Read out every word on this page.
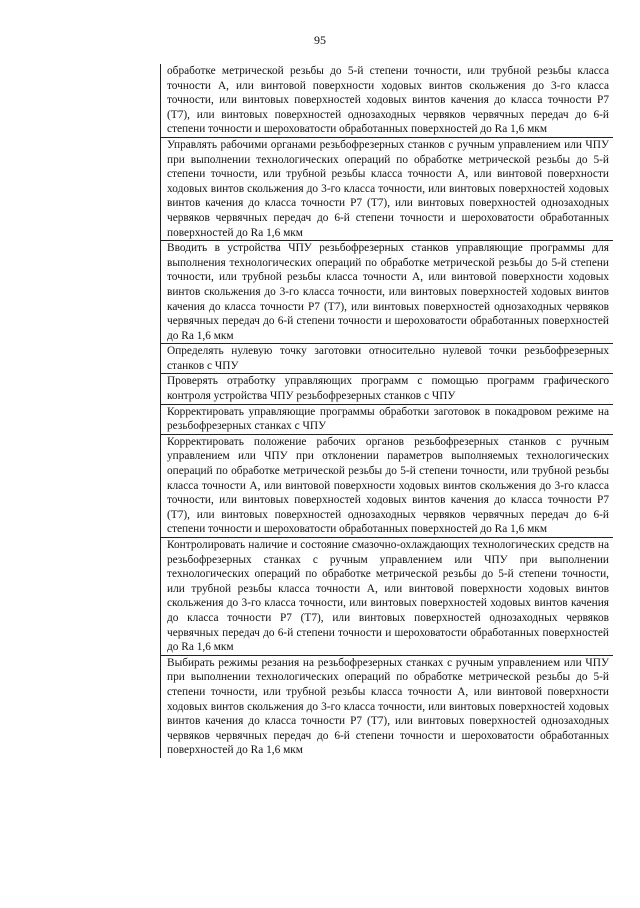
95
обработке метрической резьбы до 5-й степени точности, или трубной резьбы класса точности А, или винтовой поверхности ходовых винтов скольжения до 3-го класса точности, или винтовых поверхностей ходовых винтов качения до класса точности Р7 (Т7), или винтовых поверхностей однозаходных червяков червячных передач до 6-й степени точности и шероховатости обработанных поверхностей до Ra 1,6 мкм
Управлять рабочими органами резьбофрезерных станков с ручным управлением или ЧПУ при выполнении технологических операций по обработке метрической резьбы до 5-й степени точности, или трубной резьбы класса точности А, или винтовой поверхности ходовых винтов скольжения до 3-го класса точности, или винтовых поверхностей ходовых винтов качения до класса точности Р7 (Т7), или винтовых поверхностей однозаходных червяков червячных передач до 6-й степени точности и шероховатости обработанных поверхностей до Ra 1,6 мкм
Вводить в устройства ЧПУ резьбофрезерных станков управляющие программы для выполнения технологических операций по обработке метрической резьбы до 5-й степени точности, или трубной резьбы класса точности А, или винтовой поверхности ходовых винтов скольжения до 3-го класса точности, или винтовых поверхностей ходовых винтов качения до класса точности Р7 (Т7), или винтовых поверхностей однозаходных червяков червячных передач до 6-й степени точности и шероховатости обработанных поверхностей до Ra 1,6 мкм
Определять нулевую точку заготовки относительно нулевой точки резьбофрезерных станков с ЧПУ
Проверять отработку управляющих программ с помощью программ графического контроля устройства ЧПУ резьбофрезерных станков с ЧПУ
Корректировать управляющие программы обработки заготовок в покадровом режиме на резьбофрезерных станках с ЧПУ
Корректировать положение рабочих органов резьбофрезерных станков с ручным управлением или ЧПУ при отклонении параметров выполняемых технологических операций по обработке метрической резьбы до 5-й степени точности, или трубной резьбы класса точности А, или винтовой поверхности ходовых винтов скольжения до 3-го класса точности, или винтовых поверхностей ходовых винтов качения до класса точности Р7 (Т7), или винтовых поверхностей однозаходных червяков червячных передач до 6-й степени точности и шероховатости обработанных поверхностей до Ra 1,6 мкм
Контролировать наличие и состояние смазочно-охлаждающих технологических средств на резьбофрезерных станках с ручным управлением или ЧПУ при выполнении технологических операций по обработке метрической резьбы до 5-й степени точности, или трубной резьбы класса точности А, или винтовой поверхности ходовых винтов скольжения до 3-го класса точности, или винтовых поверхностей ходовых винтов качения до класса точности Р7 (Т7), или винтовых поверхностей однозаходных червяков червячных передач до 6-й степени точности и шероховатости обработанных поверхностей до Ra 1,6 мкм
Выбирать режимы резания на резьбофрезерных станках с ручным управлением или ЧПУ при выполнении технологических операций по обработке метрической резьбы до 5-й степени точности, или трубной резьбы класса точности А, или винтовой поверхности ходовых винтов скольжения до 3-го класса точности, или винтовых поверхностей ходовых винтов качения до класса точности Р7 (Т7), или винтовых поверхностей однозаходных червяков червячных передач до 6-й степени точности и шероховатости обработанных поверхностей до Ra 1,6 мкм
